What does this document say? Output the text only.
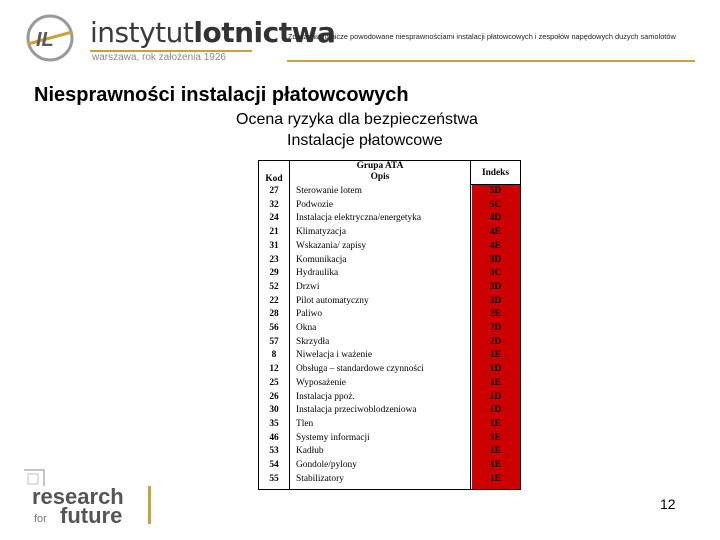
IL instytutlotnictwa
warszawa, rok założenia 1926
Zdarzenia lotnicze powodowane niesprawnościami instalacji płatowcowych i zespołów napędowych dużych samolotów
Niesprawności instalacji płatowcowych
Ocena ryzyka dla bezpieczeństwa
Instalacje płatowcowe
Grupa ATA
Kod	Opis	Indeks
27	Sterowanie lotem	5D
32	Podwozie	5C
24	Instalacja elektryczna/energetyka	4D
21	Klimatyzacja	4E
31	Wskazania/ zapisy	4E
23	Komunikacja	3D
29	Hydraulika	3C
52	Drzwi	3D
22	Pilot automatyczny	3D
28	Paliwo	2E
56	Okna	2D
57	Skrzydła	2D
8	Niwelacja i ważenie	1E
12	Obsługa – standardowe czynności	1D
25	Wyposażenie	1E
26	Instalacja ppoż.	1D
30	Instalacja przeciwoblodzeniowa	1D
35	Tlen	1E
46	Systemy informacji	1E
53	Kadłub	1E
54	Gondole/pylony	1E
55	Stabilizatory	1E
research
for future	12
